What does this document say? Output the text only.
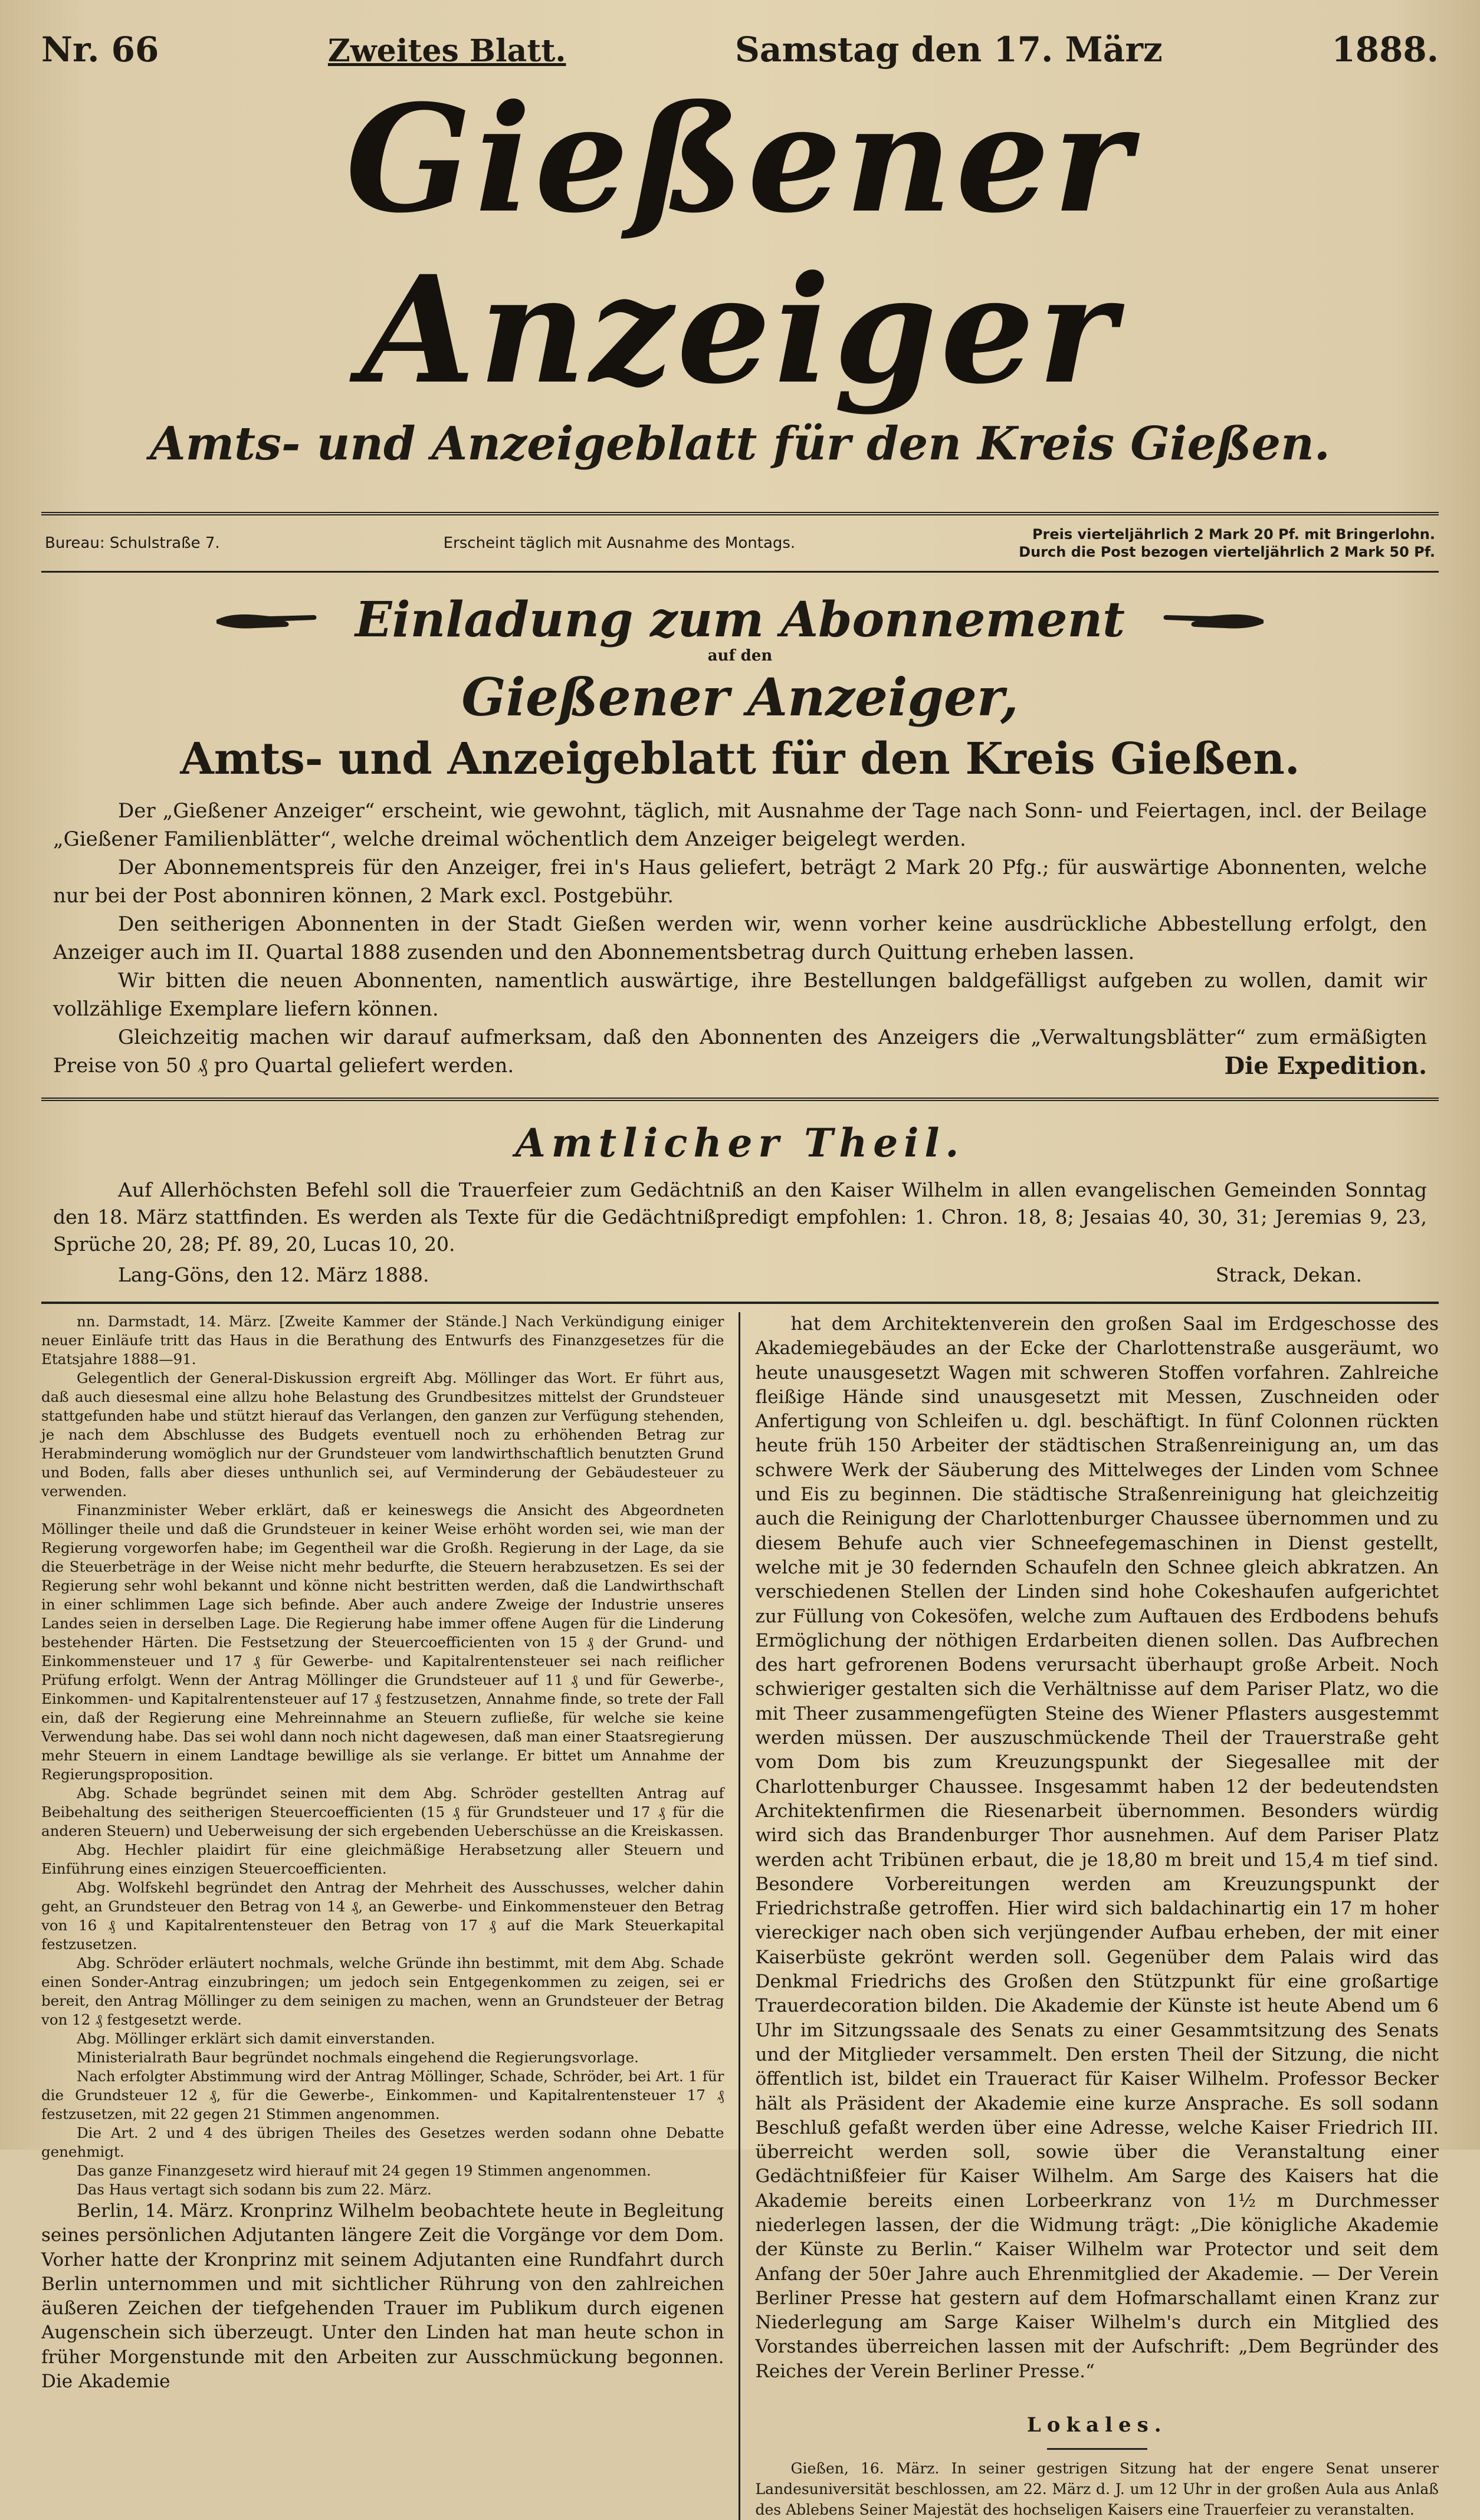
Nr. 66	Zweites Blatt.	Samstag den 17. März	1888.
Gießener Anzeiger
Amts- und Anzeigeblatt für den Kreis Gießen.
Bureau: Schulstraße 7.	Erscheint täglich mit Ausnahme des Montags.	Preis vierteljährlich 2 Mark 20 Pf. mit Bringerlohn.
Durch die Post bezogen vierteljährlich 2 Mark 50 Pf.
Einladung zum Abonnement
auf den
Gießener Anzeiger,
Amts- und Anzeigeblatt für den Kreis Gießen.

Der „Gießener Anzeiger“ erscheint, wie gewohnt, täglich, mit Ausnahme der Tage nach Sonn- und Feiertagen, incl. der Beilage „Gießener Familienblätter“, welche dreimal wöchentlich dem Anzeiger beigelegt werden.

Der Abonnementspreis für den Anzeiger, frei in's Haus geliefert, beträgt 2 Mark 20 Pfg.; für auswärtige Abonnenten, welche nur bei der Post abonniren können, 2 Mark excl. Postgebühr.

Den seitherigen Abonnenten in der Stadt Gießen werden wir, wenn vorher keine ausdrückliche Abbestellung erfolgt, den Anzeiger auch im II. Quartal 1888 zusenden und den Abonnementsbetrag durch Quittung erheben lassen.

Wir bitten die neuen Abonnenten, namentlich auswärtige, ihre Bestellungen baldgefälligst aufgeben zu wollen, damit wir vollzählige Exemplare liefern können.

Gleichzeitig machen wir darauf aufmerksam, daß den Abonnenten des Anzeigers die „Verwaltungsblätter“ zum ermäßigten Preise von 50 ₰ pro Quartal geliefert werden.	Die Expedition.
Amtlicher Theil.

Auf Allerhöchsten Befehl soll die Trauerfeier zum Gedächtniß an den Kaiser Wilhelm in allen evangelischen Gemeinden Sonntag den 18. März stattfinden. Es werden als Texte für die Gedächtnißpredigt empfohlen: 1. Chron. 18, 8; Jesaias 40, 30, 31; Jeremias 9, 23, Sprüche 20, 28; Pf. 89, 20, Lucas 10, 20.

Lang-Göns, den 12. März 1888.	Strack, Dekan.

nn. Darmstadt, 14. März. [Zweite Kammer der Stände.] Nach Verkündigung einiger neuer Einläufe tritt das Haus in die Berathung des Entwurfs des Finanzgesetzes für die Etatsjahre 1888—91.

Gelegentlich der General-Diskussion ergreift Abg. Möllinger das Wort. Er führt aus, daß auch diesesmal eine allzu hohe Belastung des Grundbesitzes mittelst der Grundsteuer stattgefunden habe und stützt hierauf das Verlangen, den ganzen zur Verfügung stehenden, je nach dem Abschlusse des Budgets eventuell noch zu erhöhenden Betrag zur Herabminderung womöglich nur der Grundsteuer vom landwirthschaftlich benutzten Grund und Boden, falls aber dieses unthunlich sei, auf Verminderung der Gebäudesteuer zu verwenden.

Finanzminister Weber erklärt, daß er keineswegs die Ansicht des Abgeordneten Möllinger theile und daß die Grundsteuer in keiner Weise erhöht worden sei, wie man der Regierung vorgeworfen habe; im Gegentheil war die Großh. Regierung in der Lage, da sie die Steuerbeträge in der Weise nicht mehr bedurfte, die Steuern herabzusetzen. Es sei der Regierung sehr wohl bekannt und könne nicht bestritten werden, daß die Landwirthschaft in einer schlimmen Lage sich befinde. Aber auch andere Zweige der Industrie unseres Landes seien in derselben Lage. Die Regierung habe immer offene Augen für die Linderung bestehender Härten. Die Festsetzung der Steuercoefficienten von 15 ₰ der Grund- und Einkommensteuer und 17 ₰ für Gewerbe- und Kapitalrentensteuer sei nach reiflicher Prüfung erfolgt. Wenn der Antrag Möllinger die Grundsteuer auf 11 ₰ und für Gewerbe-, Einkommen- und Kapitalrentensteuer auf 17 ₰ festzusetzen, Annahme finde, so trete der Fall ein, daß der Regierung eine Mehreinnahme an Steuern zufließe, für welche sie keine Verwendung habe. Das sei wohl dann noch nicht dagewesen, daß man einer Staatsregierung mehr Steuern in einem Landtage bewillige als sie verlange. Er bittet um Annahme der Regierungsproposition.

Abg. Schade begründet seinen mit dem Abg. Schröder gestellten Antrag auf Beibehaltung des seitherigen Steuercoefficienten (15 ₰ für Grundsteuer und 17 ₰ für die anderen Steuern) und Ueberweisung der sich ergebenden Ueberschüsse an die Kreiskassen.

Abg. Hechler plaidirt für eine gleichmäßige Herabsetzung aller Steuern und Einführung eines einzigen Steuercoefficienten.

Abg. Wolfskehl begründet den Antrag der Mehrheit des Ausschusses, welcher dahin geht, an Grundsteuer den Betrag von 14 ₰, an Gewerbe- und Einkommensteuer den Betrag von 16 ₰ und Kapitalrentensteuer den Betrag von 17 ₰ auf die Mark Steuerkapital festzusetzen.

Abg. Schröder erläutert nochmals, welche Gründe ihn bestimmt, mit dem Abg. Schade einen Sonder-Antrag einzubringen; um jedoch sein Entgegenkommen zu zeigen, sei er bereit, den Antrag Möllinger zu dem seinigen zu machen, wenn an Grundsteuer der Betrag von 12 ₰ festgesetzt werde.

Abg. Möllinger erklärt sich damit einverstanden.

Ministerialrath Baur begründet nochmals eingehend die Regierungsvorlage.

Nach erfolgter Abstimmung wird der Antrag Möllinger, Schade, Schröder, bei Art. 1 für die Grundsteuer 12 ₰, für die Gewerbe-, Einkommen- und Kapitalrentensteuer 17 ₰ festzusetzen, mit 22 gegen 21 Stimmen angenommen.

Die Art. 2 und 4 des übrigen Theiles des Gesetzes werden sodann ohne Debatte genehmigt.

Das ganze Finanzgesetz wird hierauf mit 24 gegen 19 Stimmen angenommen.

Das Haus vertagt sich sodann bis zum 22. März.

Berlin, 14. März. Kronprinz Wilhelm beobachtete heute in Begleitung seines persönlichen Adjutanten längere Zeit die Vorgänge vor dem Dom. Vorher hatte der Kronprinz mit seinem Adjutanten eine Rundfahrt durch Berlin unternommen und mit sichtlicher Rührung von den zahlreichen äußeren Zeichen der tiefgehenden Trauer im Publikum durch eigenen Augenschein sich überzeugt. Unter den Linden hat man heute schon in früher Morgenstunde mit den Arbeiten zur Ausschmückung begonnen. Die Akademie

hat dem Architektenverein den großen Saal im Erdgeschosse des Akademiegebäudes an der Ecke der Charlottenstraße ausgeräumt, wo heute unausgesetzt Wagen mit schweren Stoffen vorfahren. Zahlreiche fleißige Hände sind unausgesetzt mit Messen, Zuschneiden oder Anfertigung von Schleifen u. dgl. beschäftigt. In fünf Colonnen rückten heute früh 150 Arbeiter der städtischen Straßenreinigung an, um das schwere Werk der Säuberung des Mittelweges der Linden vom Schnee und Eis zu beginnen. Die städtische Straßenreinigung hat gleichzeitig auch die Reinigung der Charlottenburger Chaussee übernommen und zu diesem Behufe auch vier Schneefegemaschinen in Dienst gestellt, welche mit je 30 federnden Schaufeln den Schnee gleich abkratzen. An verschiedenen Stellen der Linden sind hohe Cokeshaufen aufgerichtet zur Füllung von Cokesöfen, welche zum Auftauen des Erdbodens behufs Ermöglichung der nöthigen Erdarbeiten dienen sollen. Das Aufbrechen des hart gefrorenen Bodens verursacht überhaupt große Arbeit. Noch schwieriger gestalten sich die Verhältnisse auf dem Pariser Platz, wo die mit Theer zusammengefügten Steine des Wiener Pflasters ausgestemmt werden müssen. Der auszuschmückende Theil der Trauerstraße geht vom Dom bis zum Kreuzungspunkt der Siegesallee mit der Charlottenburger Chaussee. Insgesammt haben 12 der bedeutendsten Architektenfirmen die Riesenarbeit übernommen. Besonders würdig wird sich das Brandenburger Thor ausnehmen. Auf dem Pariser Platz werden acht Tribünen erbaut, die je 18,80 m breit und 15,4 m tief sind. Besondere Vorbereitungen werden am Kreuzungspunkt der Friedrichstraße getroffen. Hier wird sich baldachinartig ein 17 m hoher viereckiger nach oben sich verjüngender Aufbau erheben, der mit einer Kaiserbüste gekrönt werden soll. Gegenüber dem Palais wird das Denkmal Friedrichs des Großen den Stützpunkt für eine großartige Trauerdecoration bilden. Die Akademie der Künste ist heute Abend um 6 Uhr im Sitzungssaale des Senats zu einer Gesammtsitzung des Senats und der Mitglieder versammelt. Den ersten Theil der Sitzung, die nicht öffentlich ist, bildet ein Traueract für Kaiser Wilhelm. Professor Becker hält als Präsident der Akademie eine kurze Ansprache. Es soll sodann Beschluß gefaßt werden über eine Adresse, welche Kaiser Friedrich III. überreicht werden soll, sowie über die Veranstaltung einer Gedächtnißfeier für Kaiser Wilhelm. Am Sarge des Kaisers hat die Akademie bereits einen Lorbeerkranz von 1½ m Durchmesser niederlegen lassen, der die Widmung trägt: „Die königliche Akademie der Künste zu Berlin.“ Kaiser Wilhelm war Protector und seit dem Anfang der 50er Jahre auch Ehrenmitglied der Akademie. — Der Verein Berliner Presse hat gestern auf dem Hofmarschallamt einen Kranz zur Niederlegung am Sarge Kaiser Wilhelm's durch ein Mitglied des Vorstandes überreichen lassen mit der Aufschrift: „Dem Begründer des Reiches der Verein Berliner Presse.“

Lokales.

Gießen, 16. März. In seiner gestrigen Sitzung hat der engere Senat unserer Landesuniversität beschlossen, am 22. März d. J. um 12 Uhr in der großen Aula aus Anlaß des Ablebens Seiner Majestät des hochseligen Kaisers eine Trauerfeier zu veranstalten.
